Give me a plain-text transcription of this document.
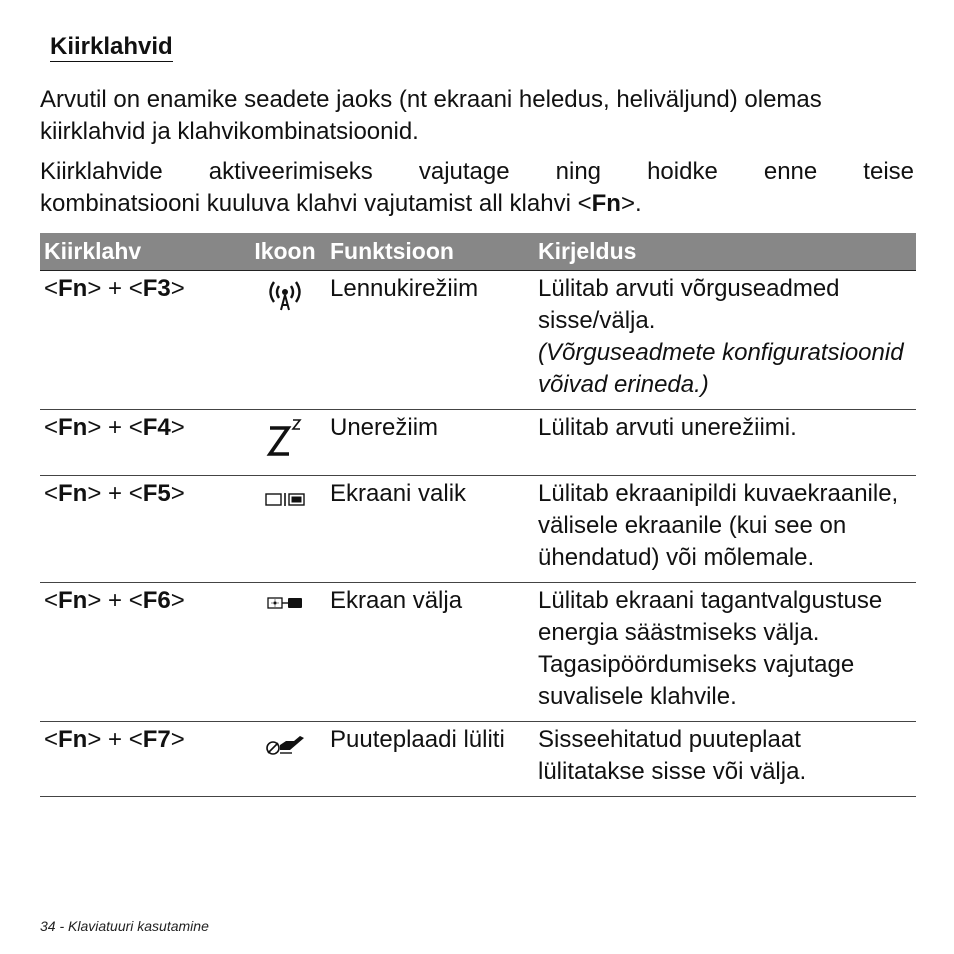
Kiirklahvid

Arvutil on enamike seadete jaoks (nt ekraani heledus, heliväljund) olemas kiirklahvid ja klahvikombinatsioonid.

Kiirklahvide aktiveerimiseks vajutage ning hoidke enne teise
kombinatsiooni kuuluva klahvi vajutamist all klahvi <Fn>.

Kiirklahv	Ikoon	Funktsioon	Kirjeldus
<Fn> + <F3>		Lennukirežiim	Lülitab arvuti võrguseadmed sisse/välja.
(Võrguseadmete konfiguratsioonid võivad erineda.)

<Fn> + <F4>		Unerežiim	Lülitab arvuti unerežiimi.
<Fn> + <F5>		Ekraani valik	Lülitab ekraanipildi kuvaekraanile, välisele ekraanile (kui see on ühendatud) või mõlemale.
<Fn> + <F6>		Ekraan välja	Lülitab ekraani tagantvalgustuse energia säästmiseks välja. Tagasipöördumiseks vajutage suvalisele klahvile.
<Fn> + <F7>		Puuteplaadi lüliti	Sisseehitatud puuteplaat lülitatakse sisse või välja.
34 - Klaviatuuri kasutamine
